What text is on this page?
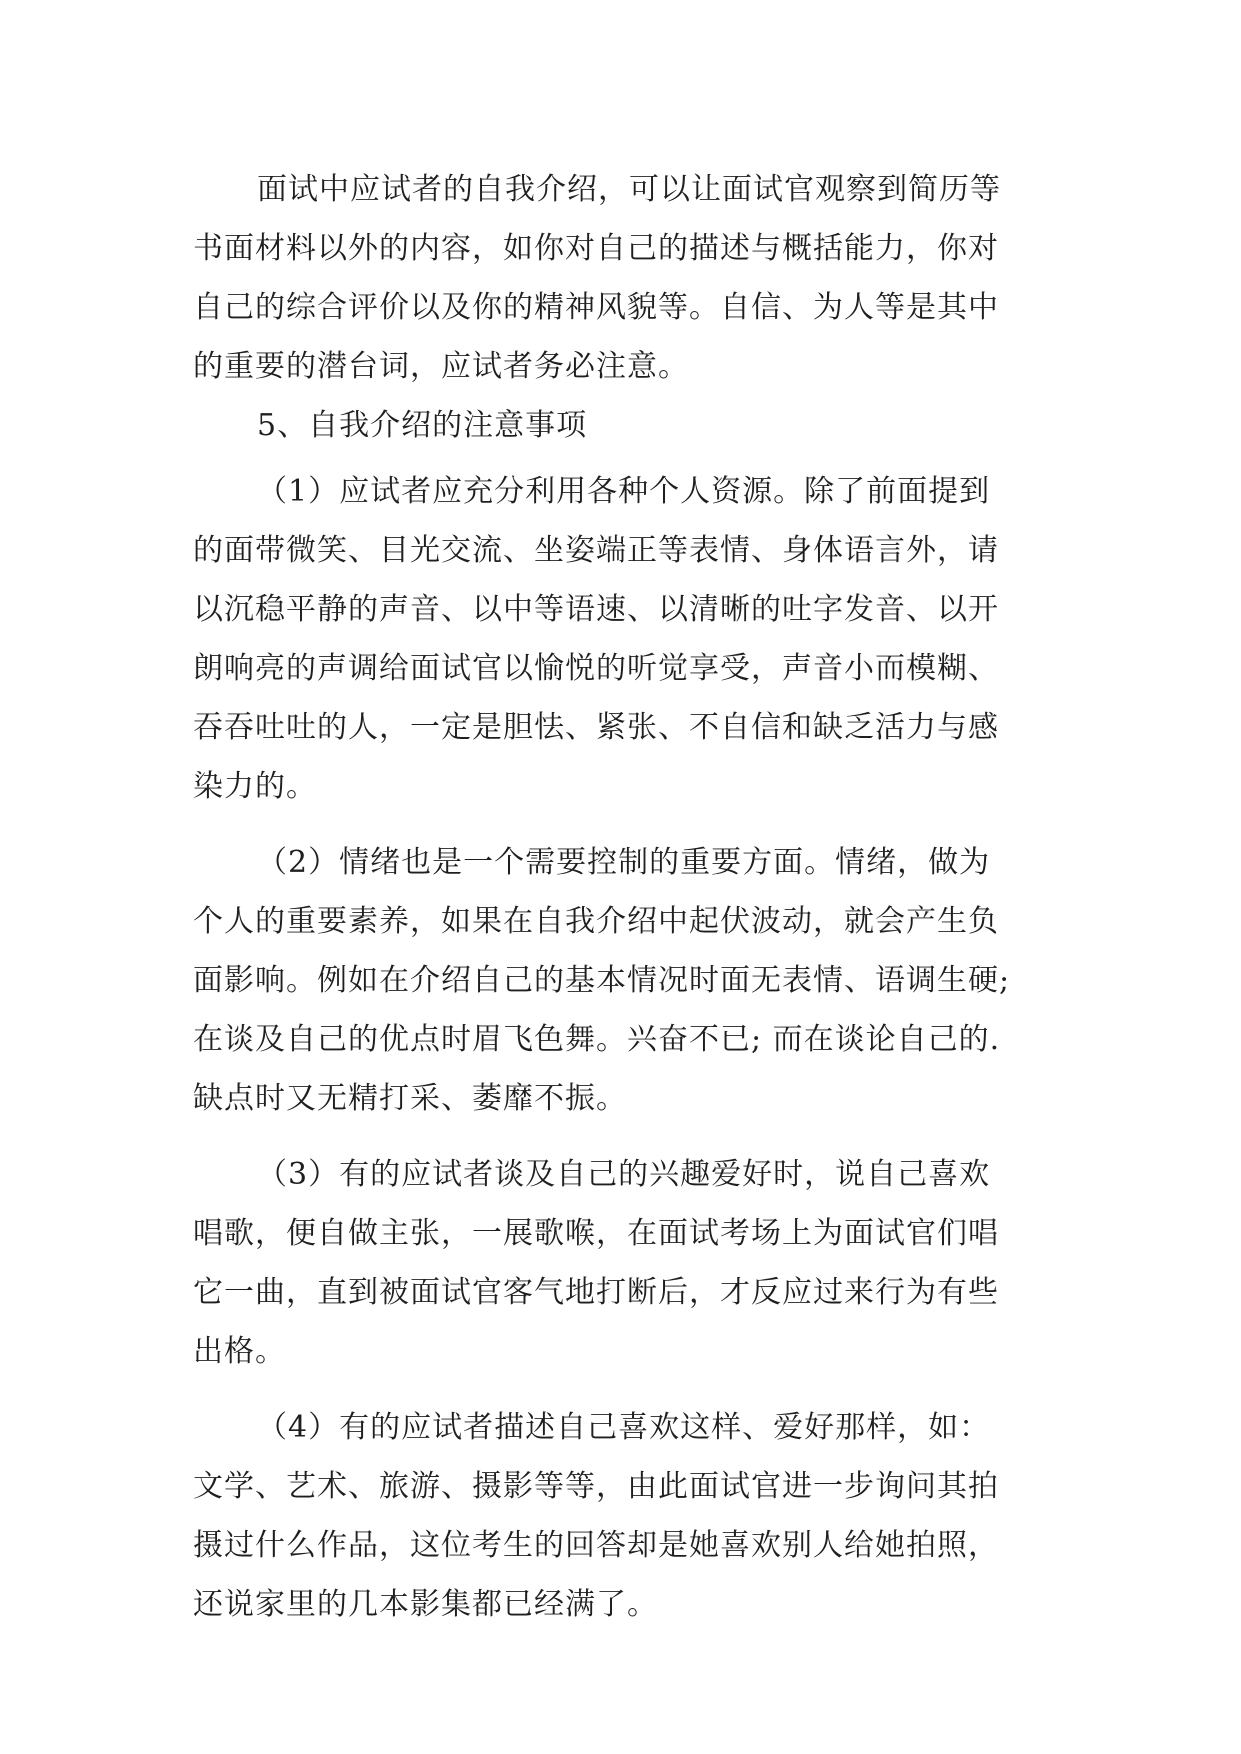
面试中应试者的自我介绍，可以让面试官观察到简历等
书面材料以外的内容，如你对自己的描述与概括能力，你对
自己的综合评价以及你的精神风貌等。自信、为人等是其中
的重要的潜台词，应试者务必注意。
5、自我介绍的注意事项
（1）应试者应充分利用各种个人资源。除了前面提到
的面带微笑、目光交流、坐姿端正等表情、身体语言外，请
以沉稳平静的声音、以中等语速、以清晰的吐字发音、以开
朗响亮的声调给面试官以愉悦的听觉享受，声音小而模糊、
吞吞吐吐的人，一定是胆怯、紧张、不自信和缺乏活力与感
染力的。
（2）情绪也是一个需要控制的重要方面。情绪，做为
个人的重要素养，如果在自我介绍中起伏波动，就会产生负
面影响。例如在介绍自己的基本情况时面无表情、语调生硬;
在谈及自己的优点时眉飞色舞。兴奋不已; 而在谈论自己的.
缺点时又无精打采、萎靡不振。
（3）有的应试者谈及自己的兴趣爱好时，说自己喜欢
唱歌，便自做主张，一展歌喉，在面试考场上为面试官们唱
它一曲，直到被面试官客气地打断后，才反应过来行为有些
出格。
（4）有的应试者描述自己喜欢这样、爱好那样，如：
文学、艺术、旅游、摄影等等，由此面试官进一步询问其拍
摄过什么作品，这位考生的回答却是她喜欢别人给她拍照，
还说家里的几本影集都已经满了。
